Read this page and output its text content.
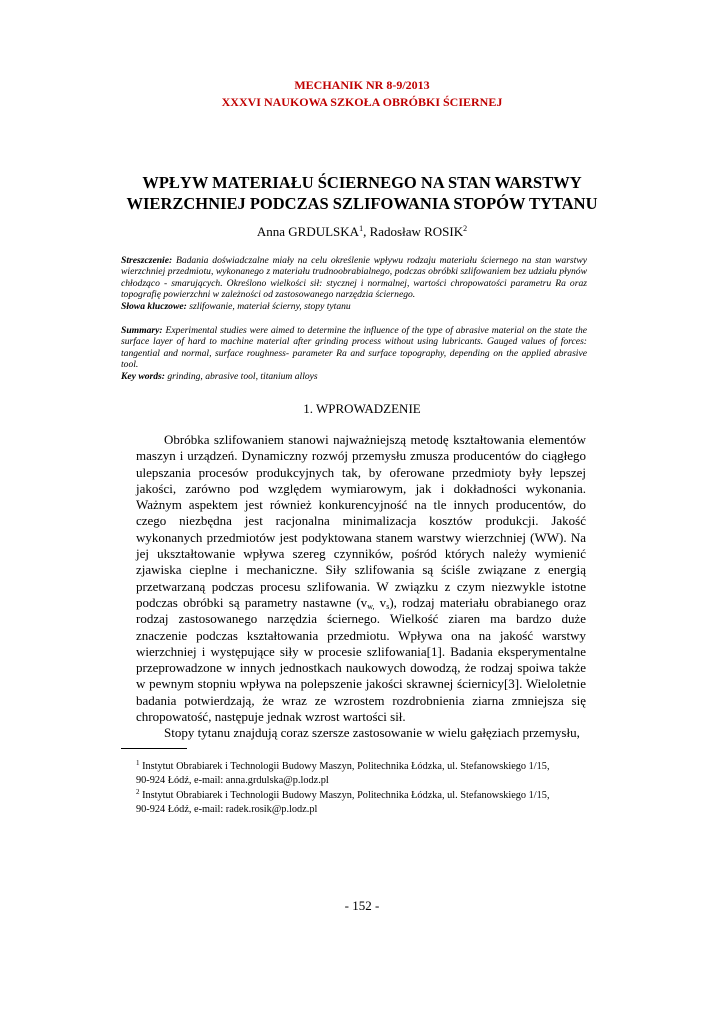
MECHANIK NR 8-9/2013
XXXVI NAUKOWA SZKOŁA OBRÓBKI ŚCIERNEJ
WPŁYW MATERIAŁU ŚCIERNEGO NA STAN WARSTWY
WIERZCHNIEJ PODCZAS SZLIFOWANIA STOPÓW TYTANU
Anna GRDULSKA$^1$, Radosław ROSIK$^2$
Streszczenie: Badania doświadczalne miały na celu określenie wpływu rodzaju materiału ściernego na stan warstwy wierzchniej przedmiotu, wykonanego z materiału trudnoobrabialnego, podczas obróbki szlifowaniem bez udziału płynów chłodząco - smarujących. Określono wielkości sił: stycznej i normalnej, wartości chropowatości parametru Ra oraz topografię powierzchni w zależności od zastosowanego narzędzia ściernego.
Słowa kluczowe: szlifowanie, materiał ścierny, stopy tytanu
Summary: Experimental studies were aimed to determine the influence of the type of abrasive material on the state the surface layer of hard to machine material after grinding process without using lubricants. Gauged values of forces: tangential and normal, surface roughness- parameter Ra and surface topography, depending on the applied abrasive tool.
Key words: grinding, abrasive tool, titanium alloys
1. WPROWADZENIE

Obróbka szlifowaniem stanowi najważniejszą metodę kształtowania elementów maszyn i urządzeń. Dynamiczny rozwój przemysłu zmusza producentów do ciągłego ulepszania procesów produkcyjnych tak, by oferowane przedmioty były lepszej jakości, zarówno pod względem wymiarowym, jak i dokładności wykonania. Ważnym aspektem jest również konkurencyjność na tle innych producentów, do czego niezbędna jest racjonalna minimalizacja kosztów produkcji. Jakość wykonanych przedmiotów jest podyktowana stanem warstwy wierzchniej (WW). Na jej ukształtowanie wpływa szereg czynników, pośród których należy wymienić zjawiska cieplne i mechaniczne. Siły szlifowania są ściśle związane z energią przetwarzaną podczas procesu szlifowania. W związku z czym niezwykle istotne podczas obróbki są parametry nastawne ($v_{w,}$ $v_s$), rodzaj materiału obrabianego oraz rodzaj zastosowanego narzędzia ściernego. Wielkość ziaren ma bardzo duże znaczenie podczas kształtowania przedmiotu. Wpływa ona na jakość warstwy wierzchniej i występujące siły w procesie szlifowania[1]. Badania eksperymentalne przeprowadzone w innych jednostkach naukowych dowodzą, że rodzaj spoiwa także w pewnym stopniu wpływa na polepszenie jakości skrawnej ściernicy[3]. Wieloletnie badania potwierdzają, że wraz ze wzrostem rozdrobnienia ziarna zmniejsza się chropowatość, następuje jednak wzrost wartości sił.

Stopy tytanu znajdują coraz szersze zastosowanie w wielu gałęziach przemysłu,

$^1$ Instytut Obrabiarek i Technologii Budowy Maszyn, Politechnika Łódzka, ul. Stefanowskiego 1/15,
90-924 Łódź, e-mail: anna.grdulska@p.lodz.pl
$^2$ Instytut Obrabiarek i Technologii Budowy Maszyn, Politechnika Łódzka, ul. Stefanowskiego 1/15,
90-924 Łódź, e-mail: radek.rosik@p.lodz.pl
- 152 -
